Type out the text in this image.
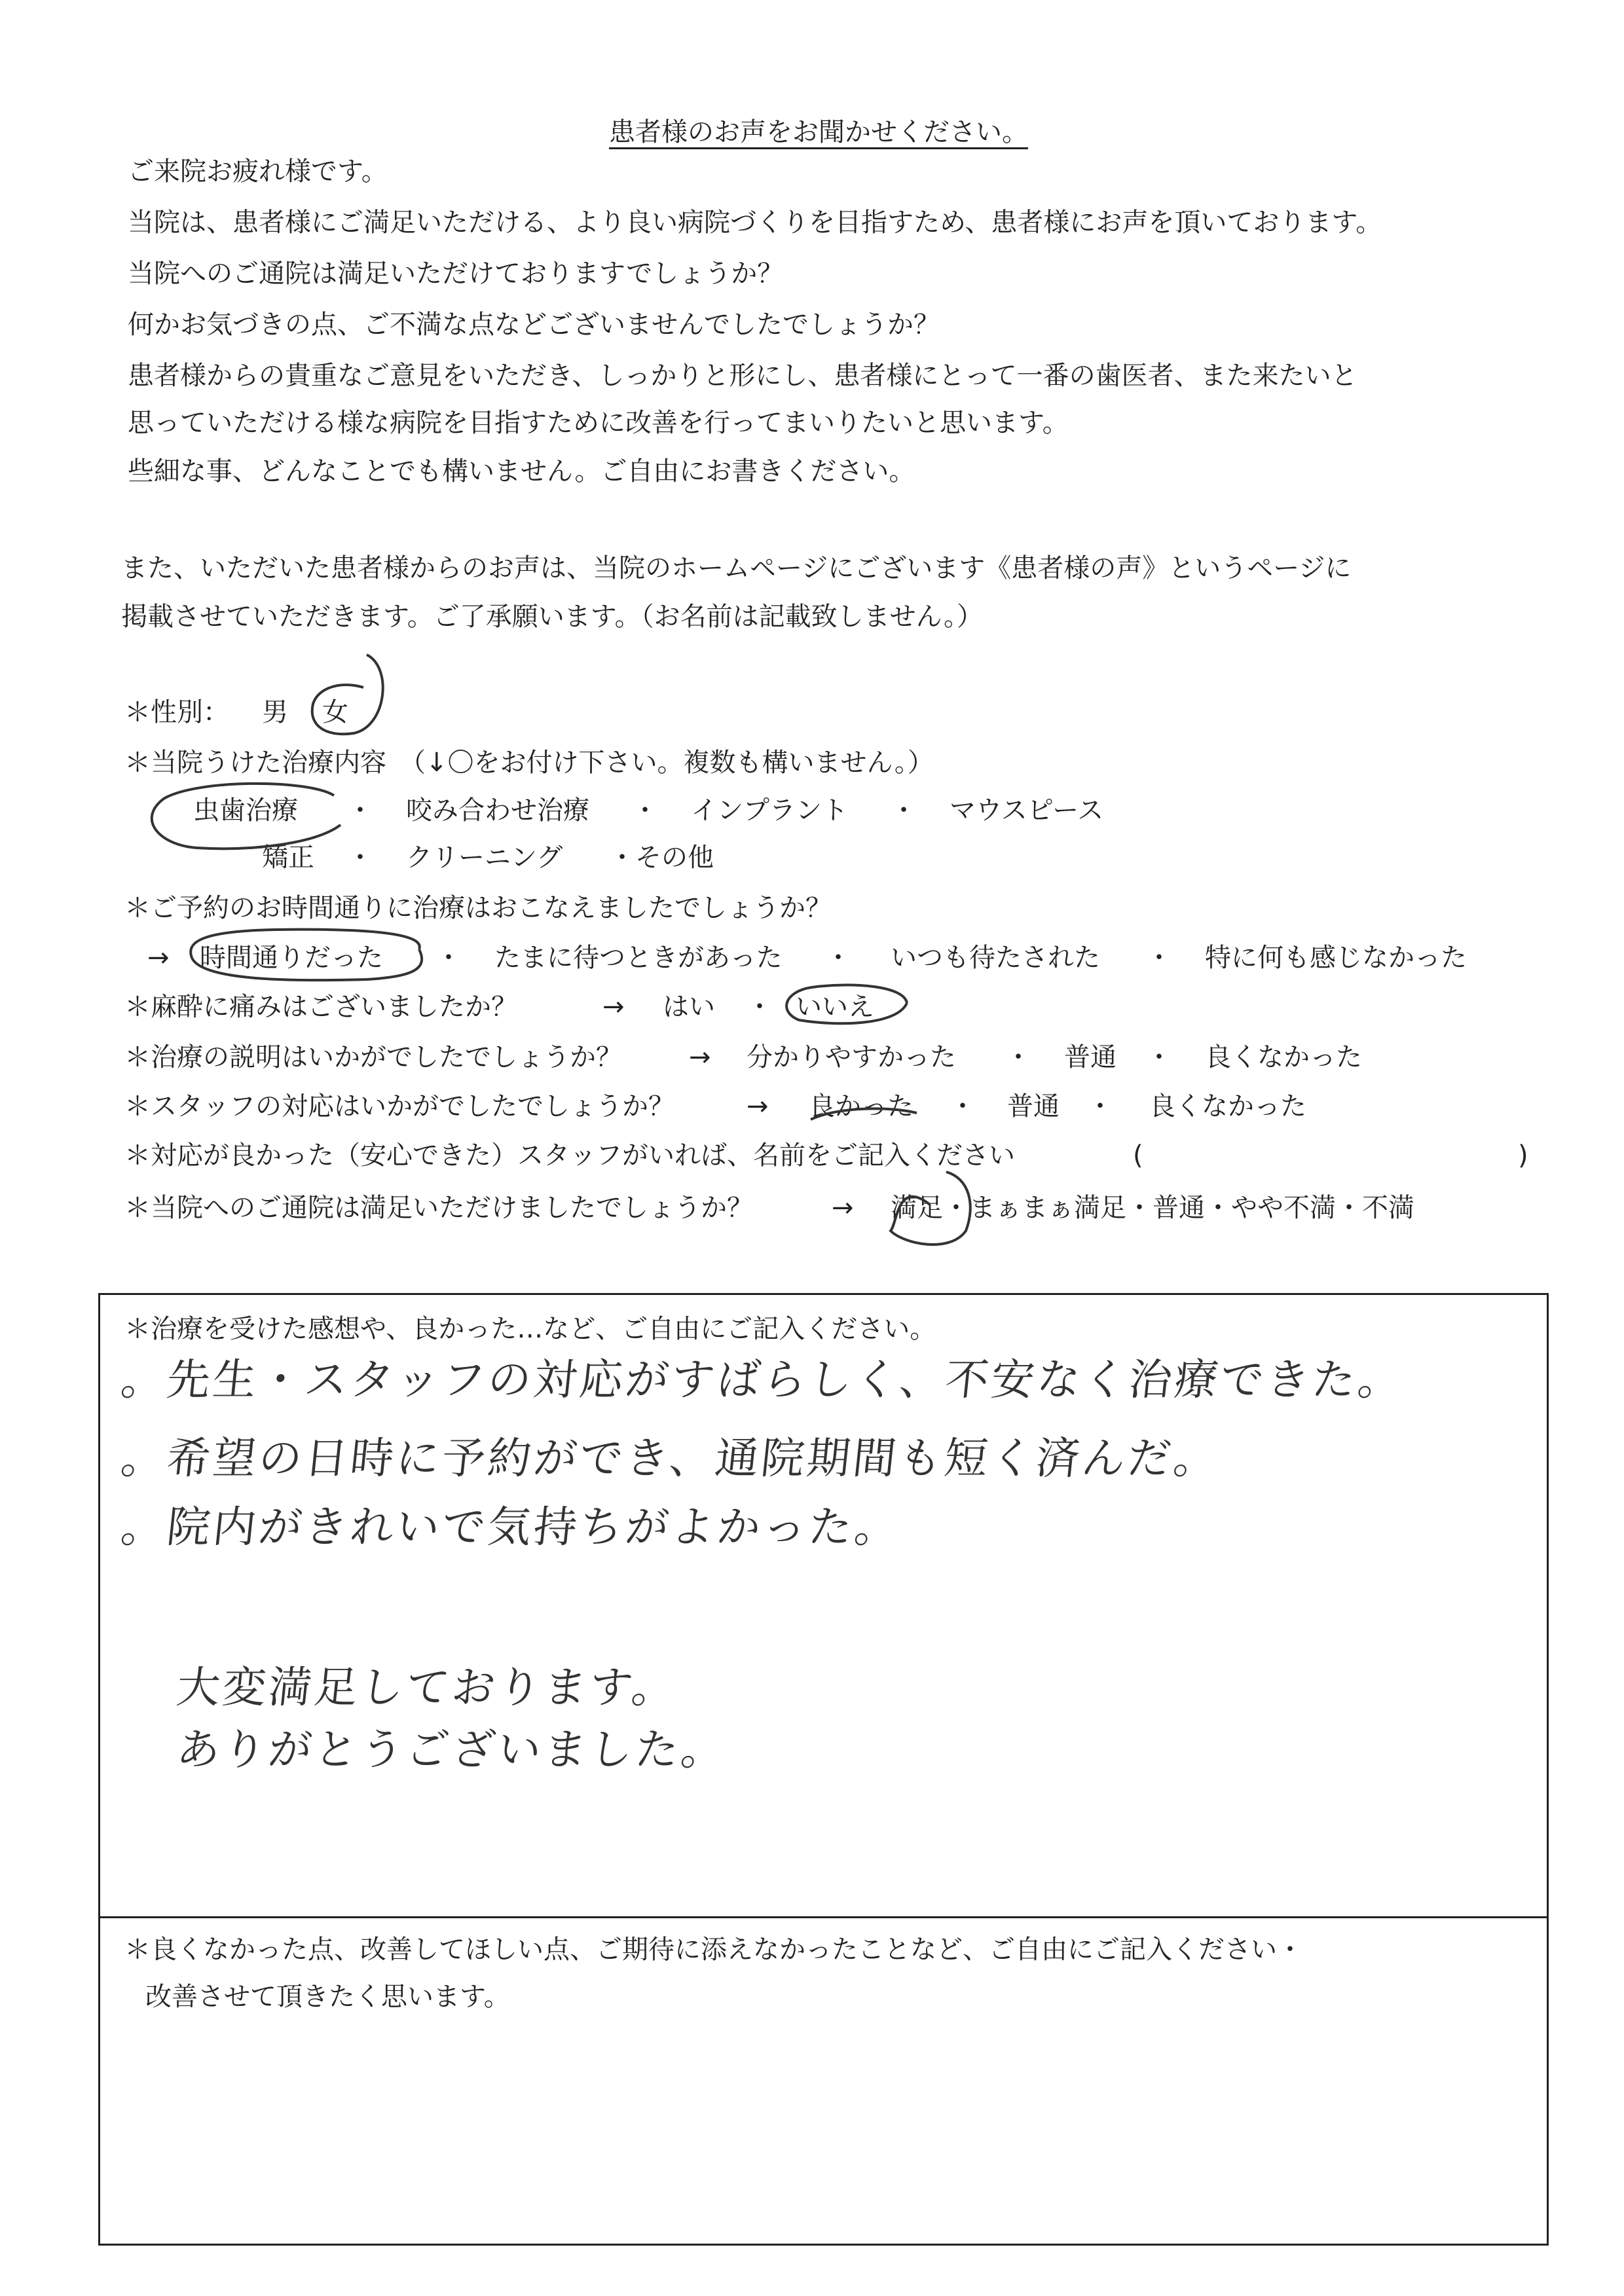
患者様のお声をお聞かせください。
ご来院お疲れ様です。
当院は、患者様にご満足いただける、より良い病院づくりを目指すため、患者様にお声を頂いております。
当院へのご通院は満足いただけておりますでしょうか？
何かお気づきの点、ご不満な点などございませんでしたでしょうか？
患者様からの貴重なご意見をいただき、しっかりと形にし、患者様にとって一番の歯医者、また来たいと
思っていただける様な病院を目指すために改善を行ってまいりたいと思います。
些細な事、どんなことでも構いません。ご自由にお書きください。
また、いただいた患者様からのお声は、当院のホームページにございます《患者様の声》というページに
掲載させていただきます。ご了承願います。（お名前は記載致しません。）
＊性別： 男 女
＊当院うけた治療内容　（↓〇をお付け下さい。複数も構いません。）
虫歯治療 ・ 咬み合わせ治療 ・ インプラント ・ マウスピース
矯正 ・ クリーニング ・その他
＊ご予約のお時間通りに治療はおこなえましたでしょうか？
→ 時間通りだった ・ たまに待つときがあった ・ いつも待たされた ・ 特に何も感じなかった
＊麻酔に痛みはございましたか？	→ はい ・ いいえ
＊治療の説明はいかがでしたでしょうか？	→ 分かりやすかった ・ 普通 ・ 良くなかった
＊スタッフの対応はいかがでしたでしょうか？	→ 良かった ・ 普通 ・ 良くなかった
＊対応が良かった（安心できた）スタッフがいれば、名前をご記入ください	(	)
＊当院へのご通院は満足いただけましたでしょうか？	→ 満足 ・まぁまぁ満足・普通・やや不満・不満
＊治療を受けた感想や、良かった…など、ご自由にご記入ください。
。先生・スタッフの対応がすばらしく、不安なく治療できた。
。希望の日時に予約ができ、通院期間も短く済んだ。
。院内がきれいで気持ちがよかった。
大変満足しております。
ありがとうございました。
＊良くなかった点、改善してほしい点、ご期待に添えなかったことなど、ご自由にご記入ください・
改善させて頂きたく思います。
